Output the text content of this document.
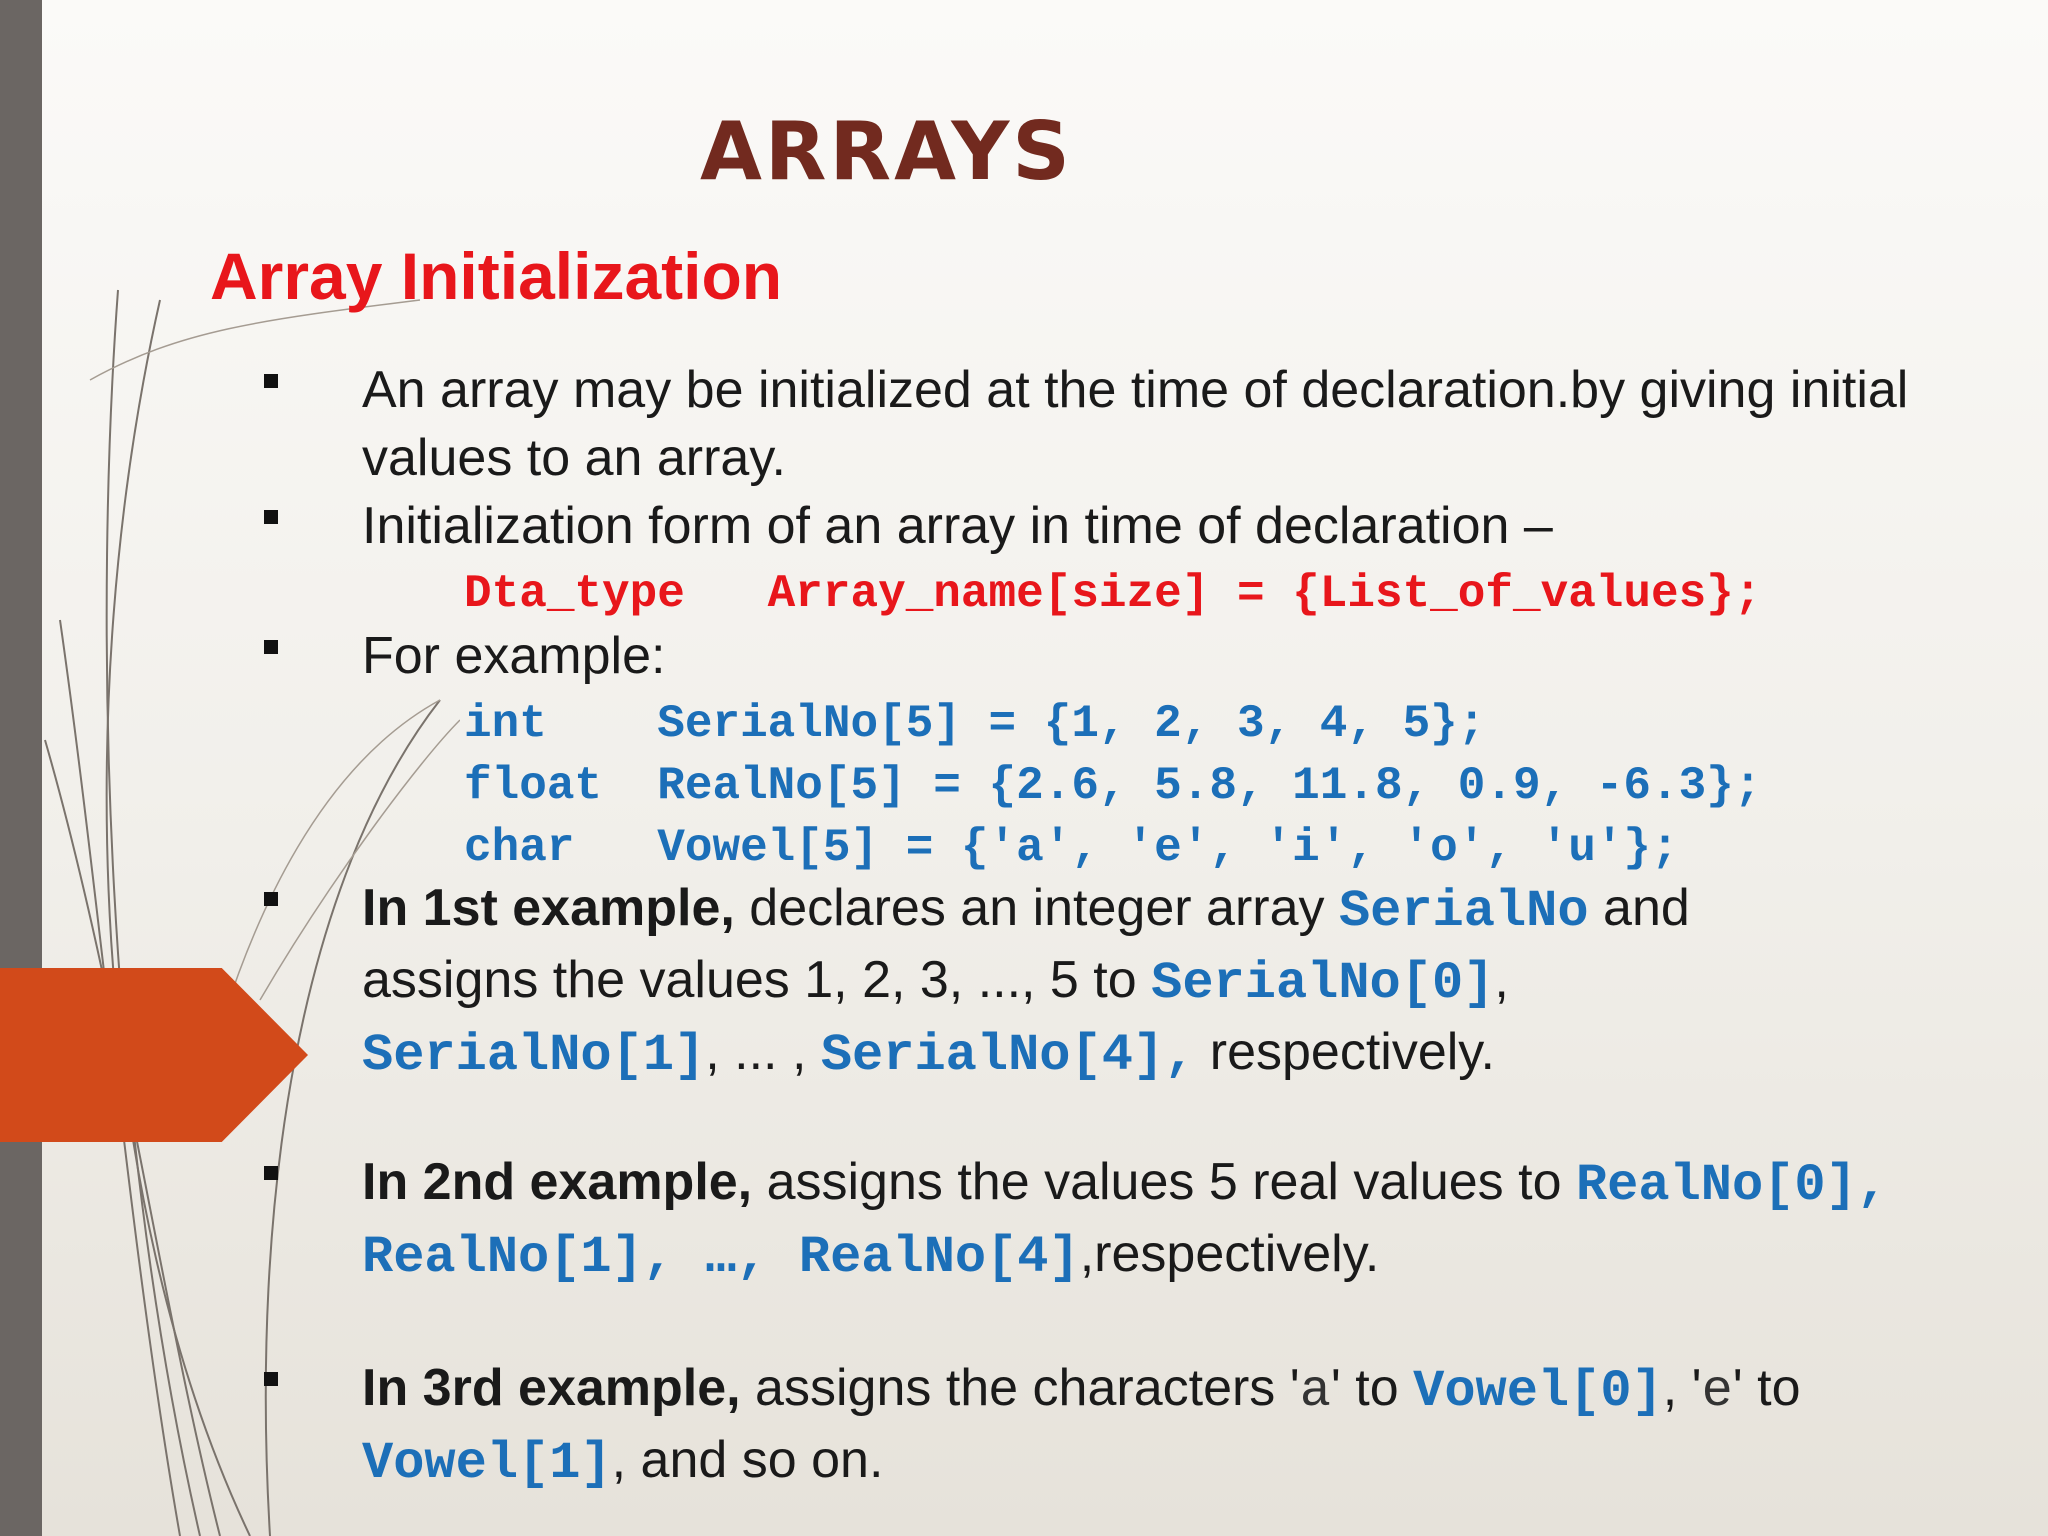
ARRAYS
Array Initialization

An array may be initialized at the time of declaration.by giving initial values to an array.

Initialization form of an array in time of declaration –

Dta_type Array_name[size] = {List_of_values};

For example:

int SerialNo[5] = {1, 2, 3, 4, 5};

float RealNo[5] = {2.6, 5.8, 11.8, 0.9, -6.3};

char Vowel[5] = {'a', 'e', 'i', 'o', 'u'};

In 1st example, declares an integer array SerialNo and assigns the values 1, 2, 3, ..., 5 to SerialNo[0], SerialNo[1], ... , SerialNo[4], respectively.

In 2nd example, assigns the values 5 real values to RealNo[0], RealNo[1], …, RealNo[4],respectively.

In 3rd example, assigns the characters 'a' to Vowel[0], 'e' to Vowel[1], and so on.
